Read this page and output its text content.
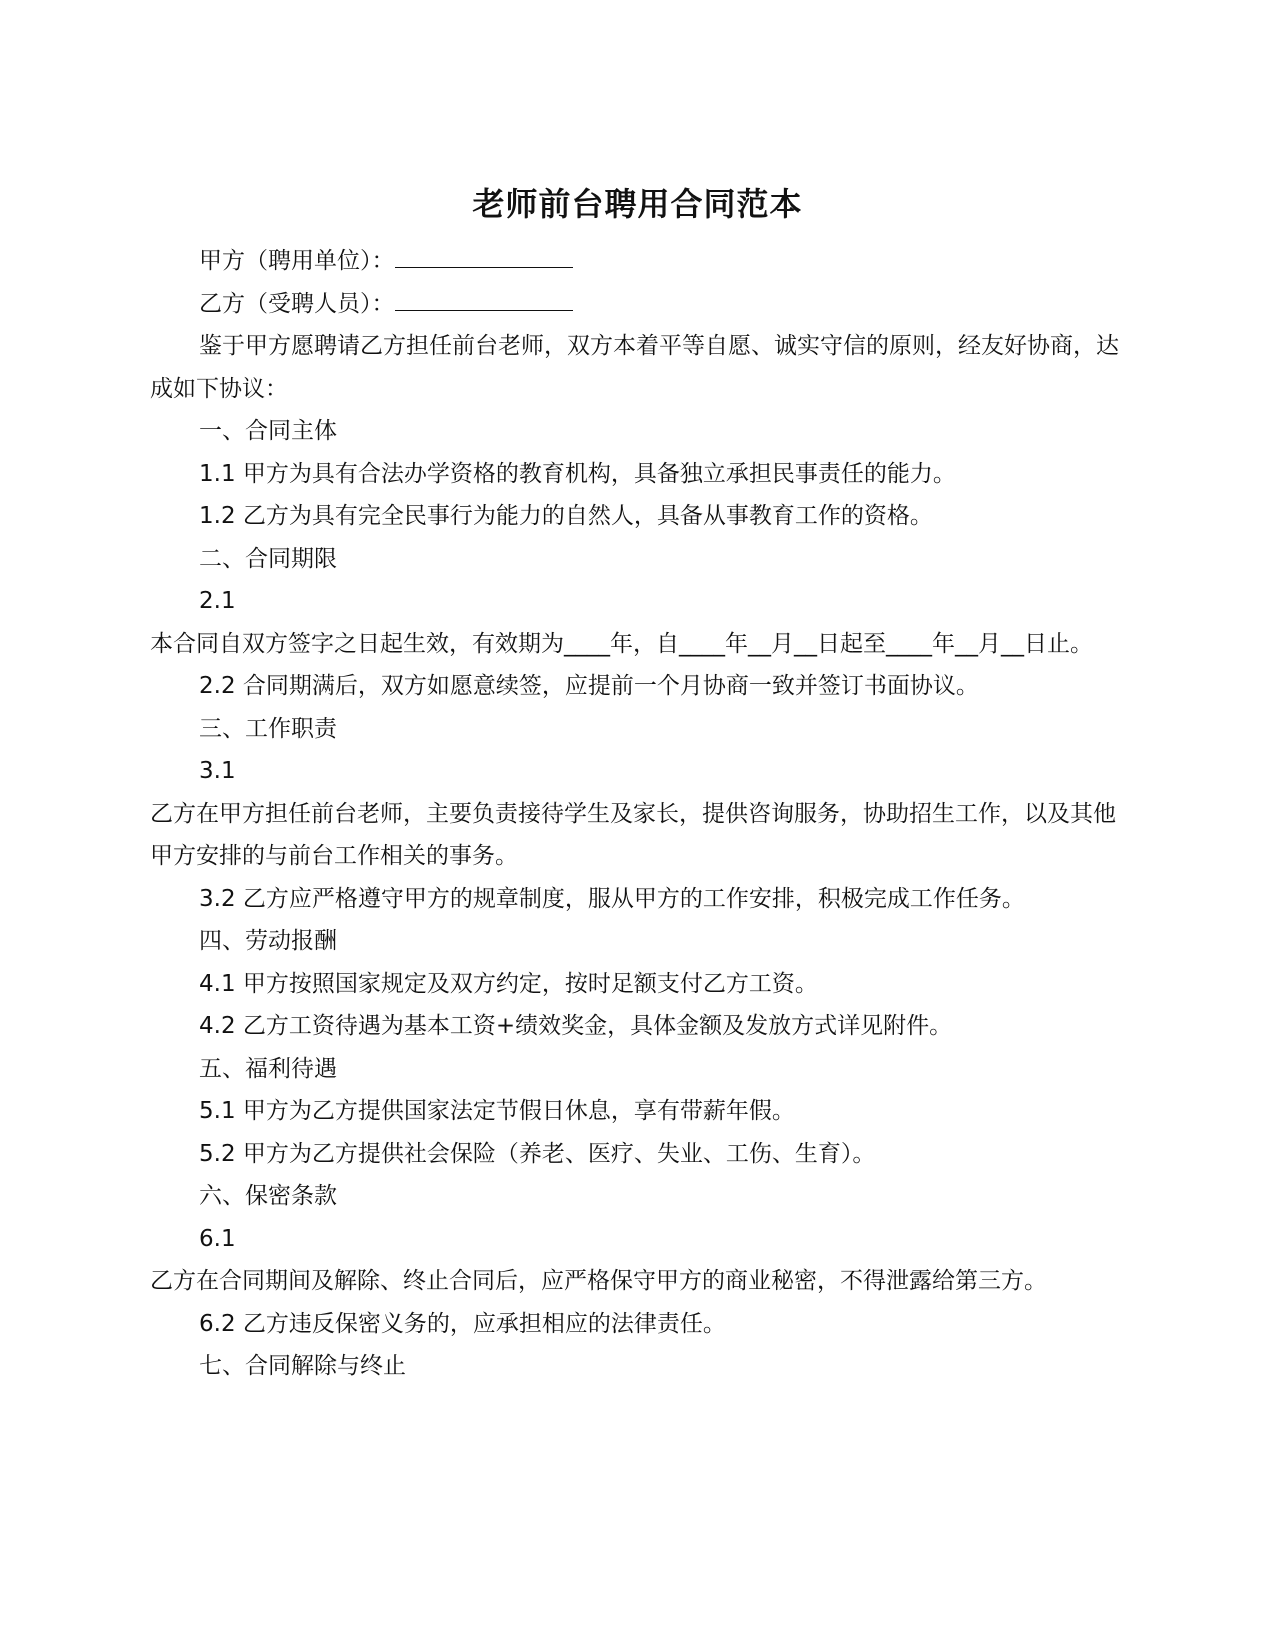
老师前台聘用合同范本

甲方（聘用单位）：

乙方（受聘人员）：

鉴于甲方愿聘请乙方担任前台老师，双方本着平等自愿、诚实守信的原则，经友好协商，达成如下协议：

一、合同主体

1.1 甲方为具有合法办学资格的教育机构，具备独立承担民事责任的能力。

1.2 乙方为具有完全民事行为能力的自然人，具备从事教育工作的资格。

二、合同期限

2.1

本合同自双方签字之日起生效，有效期为____年，自____年__月__日起至____年__月__日止。

2.2 合同期满后，双方如愿意续签，应提前一个月协商一致并签订书面协议。

三、工作职责

3.1

乙方在甲方担任前台老师，主要负责接待学生及家长，提供咨询服务，协助招生工作，以及其他甲方安排的与前台工作相关的事务。

3.2 乙方应严格遵守甲方的规章制度，服从甲方的工作安排，积极完成工作任务。

四、劳动报酬

4.1 甲方按照国家规定及双方约定，按时足额支付乙方工资。

4.2 乙方工资待遇为基本工资+绩效奖金，具体金额及发放方式详见附件。

五、福利待遇

5.1 甲方为乙方提供国家法定节假日休息，享有带薪年假。

5.2 甲方为乙方提供社会保险（养老、医疗、失业、工伤、生育）。

六、保密条款

6.1

乙方在合同期间及解除、终止合同后，应严格保守甲方的商业秘密，不得泄露给第三方。

6.2 乙方违反保密义务的，应承担相应的法律责任。

七、合同解除与终止
